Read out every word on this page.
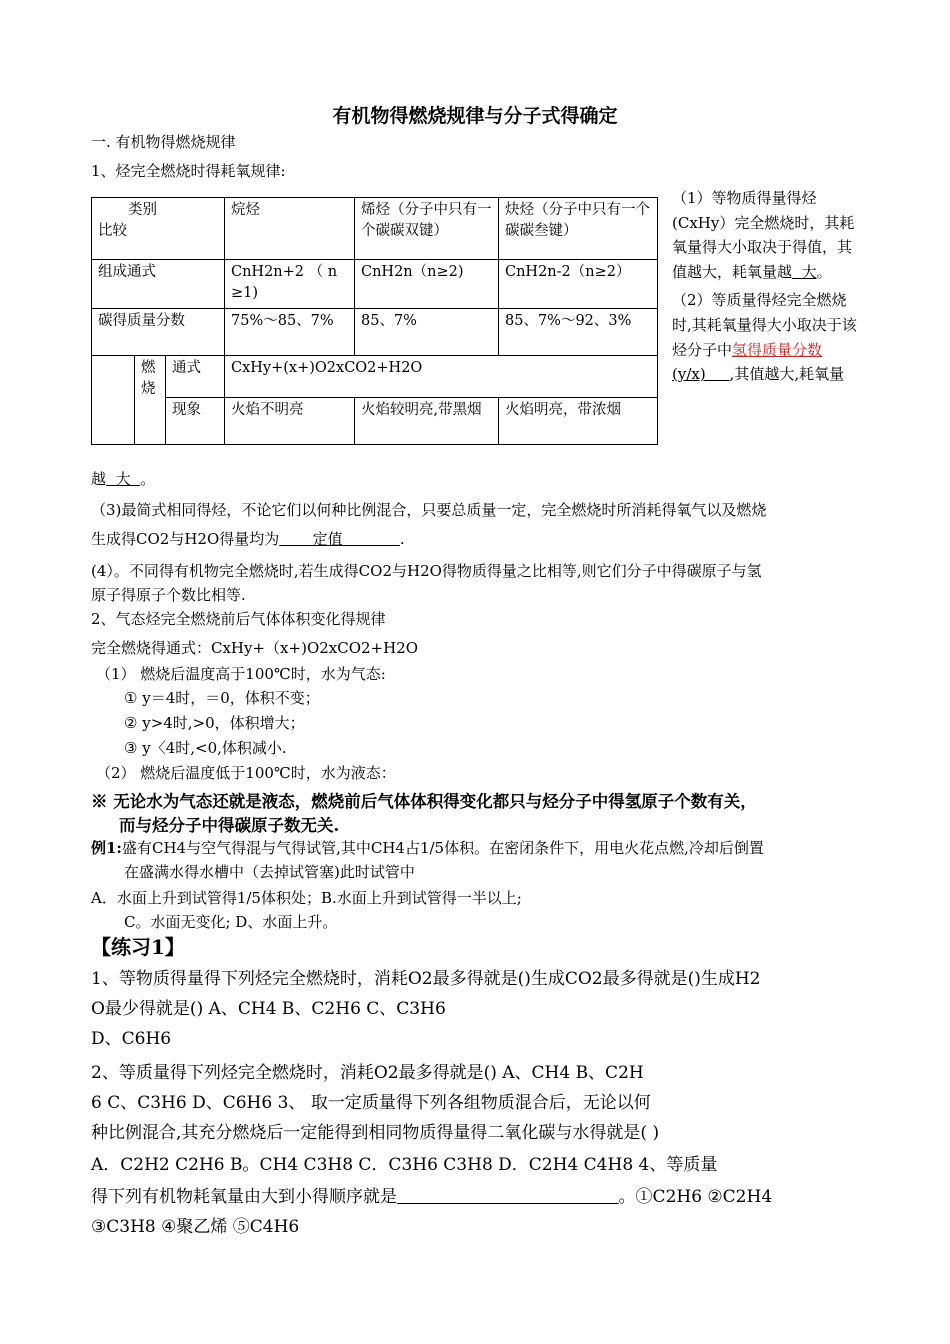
有机物得燃烧规律与分子式得确定
一. 有机物得燃烧规律
1、烃完全燃烧时得耗氧规律:
类别
比较			烷烃	烯烃（分子中只有一个碳碳双键）	炔烃（分子中只有一个碳碳叁键）
组成通式			CnH2n+2 （ n ≥1)	CnH2n（n≥2)	CnH2n-2（n≥2）
碳得质量分数			75%～85、7%	85、7%	85、7%～92、3%
	燃烧	通式	CxHy+(x+)O2xCO2+H2O		
		现象	火焰不明亮	火焰较明亮,带黑烟	火焰明亮，带浓烟
（1）等物质得量得烃(CxHy）完全燃烧时，其耗氧量得大小取决于得值，其值越大，耗氧量越 大。
（2）等质量得烃完全燃烧时,其耗氧量得大小取决于该烃分子中氢得质量分数
(y/x) ,其值越大,耗氧量
越 大 。
（3)最简式相同得烃，不论它们以何种比例混合，只要总质量一定，完全燃烧时所消耗得氧气以及燃烧
生成得CO2与H2O得量均为 定值	.
(4）。不同得有机物完全燃烧时,若生成得CO2与H2O得物质得量之比相等,则它们分子中得碳原子与氢
原子得原子个数比相等.
2、气态烃完全燃烧前后气体体积变化得规律
完全燃烧得通式：CxHy+（x+)O2xCO2+H2O
（1） 燃烧后温度高于100℃时，水为气态:
① y＝4时，＝0，体积不变；
② y>4时,>0，体积增大；
③ y〈4时,<0,体积减小.
（2） 燃烧后温度低于100℃时，水为液态：
※ 无论水为气态还就是液态，燃烧前后气体体积得变化都只与烃分子中得氢原子个数有关，
而与烃分子中得碳原子数无关.
例1:盛有CH4与空气得混与气得试管,其中CH4占1/5体积。在密闭条件下，用电火花点燃,冷却后倒置
在盛满水得水槽中（去掉试管塞)此时试管中
A．水面上升到试管得1/5体积处；B.水面上升到试管得一半以上;
C。水面无变化; D、水面上升。
【练习1】
1、等物质得量得下列烃完全燃烧时，消耗O2最多得就是()生成CO2最多得就是()生成H2
O最少得就是() A、CH4 B、C2H6 C、C3H6
D、C6H6
2、等质量得下列烃完全燃烧时，消耗O2最多得就是() A、CH4 B、C2H
6 C、C3H6 D、C6H6 3、 取一定质量得下列各组物质混合后，无论以何
种比例混合,其充分燃烧后一定能得到相同物质得量得二氧化碳与水得就是( )
A．C2H2 C2H6 B。CH4 C3H8 C．C3H6 C3H8 D．C2H4 C4H8 4、等质量
得下列有机物耗氧量由大到小得顺序就是	。①C2H6 ②C2H4
③C3H8 ④聚乙烯 ⑤C4H6
